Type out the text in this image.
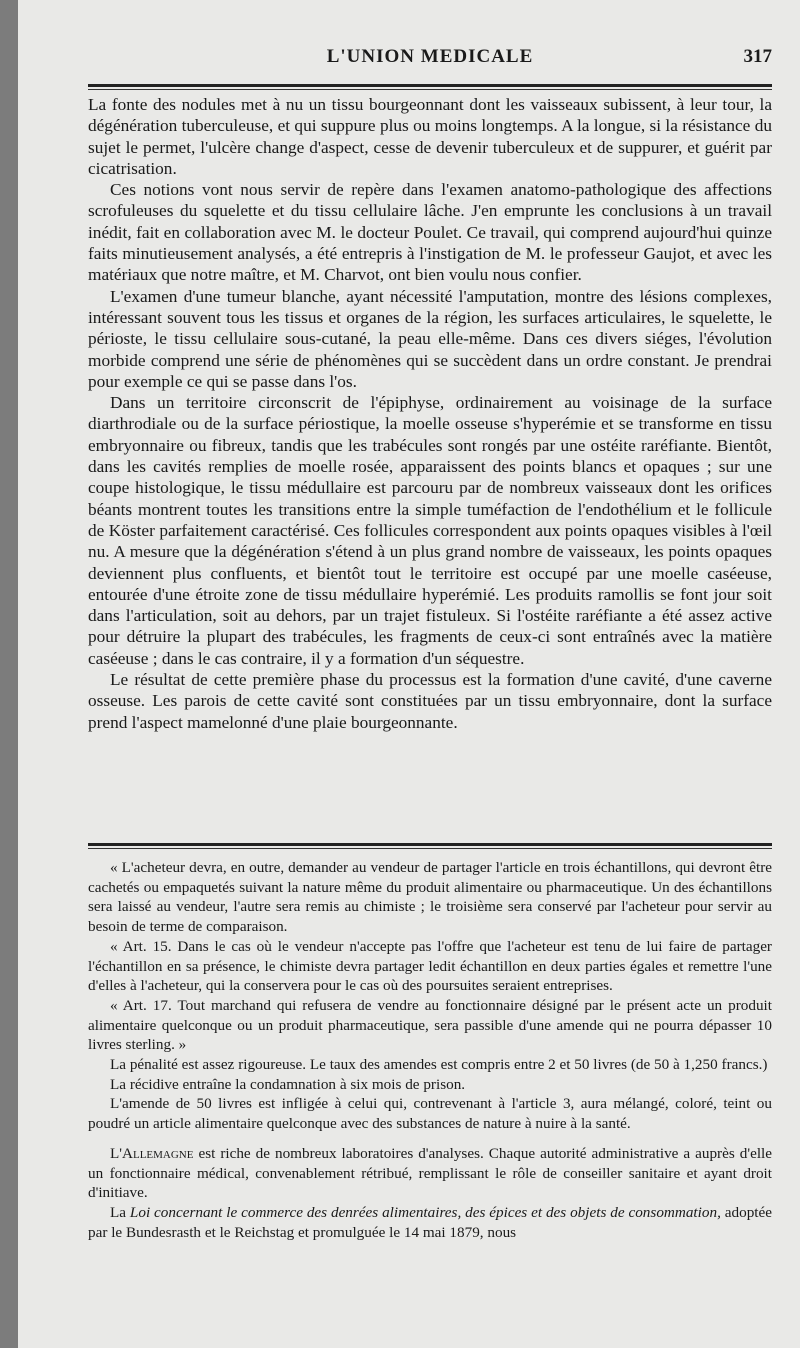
L'UNION MEDICALE	317

La fonte des nodules met à nu un tissu bourgeonnant dont les vaisseaux subissent, à leur tour, la dégénération tuberculeuse, et qui suppure plus ou moins longtemps. A la longue, si la résistance du sujet le permet, l'ulcère change d'aspect, cesse de devenir tuberculeux et de suppurer, et guérit par cicatrisation.

Ces notions vont nous servir de repère dans l'examen anatomo-pathologique des affections scrofuleuses du squelette et du tissu cellulaire lâche. J'en emprunte les conclusions à un travail inédit, fait en collaboration avec M. le docteur Poulet. Ce travail, qui comprend aujourd'hui quinze faits minutieusement analysés, a été entrepris à l'instigation de M. le professeur Gaujot, et avec les matériaux que notre maître, et M. Charvot, ont bien voulu nous confier.

L'examen d'une tumeur blanche, ayant nécessité l'amputation, montre des lésions complexes, intéressant souvent tous les tissus et organes de la région, les surfaces articulaires, le squelette, le périoste, le tissu cellulaire sous-cutané, la peau elle-même. Dans ces divers siéges, l'évolution morbide comprend une série de phénomènes qui se succèdent dans un ordre constant. Je prendrai pour exemple ce qui se passe dans l'os.

Dans un territoire circonscrit de l'épiphyse, ordinairement au voisinage de la surface diarthrodiale ou de la surface périostique, la moelle osseuse s'hyperémie et se transforme en tissu embryonnaire ou fibreux, tandis que les trabécules sont rongés par une ostéite raréfiante. Bientôt, dans les cavités remplies de moelle rosée, apparaissent des points blancs et opaques ; sur une coupe histologique, le tissu médullaire est parcouru par de nombreux vaisseaux dont les orifices béants montrent toutes les transitions entre la simple tuméfaction de l'endothélium et le follicule de Köster parfaitement caractérisé. Ces follicules correspondent aux points opaques visibles à l'œil nu. A mesure que la dégénération s'étend à un plus grand nombre de vaisseaux, les points opaques deviennent plus confluents, et bientôt tout le territoire est occupé par une moelle caséeuse, entourée d'une étroite zone de tissu médullaire hyperémié. Les produits ramollis se font jour soit dans l'articulation, soit au dehors, par un trajet fistuleux. Si l'ostéite raréfiante a été assez active pour détruire la plupart des trabécules, les fragments de ceux-ci sont entraînés avec la matière caséeuse ; dans le cas contraire, il y a formation d'un séquestre.

Le résultat de cette première phase du processus est la formation d'une cavité, d'une caverne osseuse. Les parois de cette cavité sont constituées par un tissu embryonnaire, dont la surface prend l'aspect mamelonné d'une plaie bourgeonnante.

« L'acheteur devra, en outre, demander au vendeur de partager l'article en trois échantillons, qui devront être cachetés ou empaquetés suivant la nature même du produit alimentaire ou pharmaceutique. Un des échantillons sera laissé au vendeur, l'autre sera remis au chimiste ; le troisième sera conservé par l'acheteur pour servir au besoin de terme de comparaison.

« Art. 15. Dans le cas où le vendeur n'accepte pas l'offre que l'acheteur est tenu de lui faire de partager l'échantillon en sa présence, le chimiste devra partager ledit échantillon en deux parties égales et remettre l'une d'elles à l'acheteur, qui la conservera pour le cas où des poursuites seraient entreprises.

« Art. 17. Tout marchand qui refusera de vendre au fonctionnaire désigné par le présent acte un produit alimentaire quelconque ou un produit pharmaceutique, sera passible d'une amende qui ne pourra dépasser 10 livres sterling. »

La pénalité est assez rigoureuse. Le taux des amendes est compris entre 2 et 50 livres (de 50 à 1,250 francs.)

La récidive entraîne la condamnation à six mois de prison.

L'amende de 50 livres est infligée à celui qui, contrevenant à l'article 3, aura mélangé, coloré, teint ou poudré un article alimentaire quelconque avec des substances de nature à nuire à la santé.

L'Allemagne est riche de nombreux laboratoires d'analyses. Chaque autorité administrative a auprès d'elle un fonctionnaire médical, convenablement rétribué, remplissant le rôle de conseiller sanitaire et ayant droit d'initiave.

La Loi concernant le commerce des denrées alimentaires, des épices et des objets de consommation, adoptée par le Bundesrasth et le Reichstag et promulguée le 14 mai 1879, nous
